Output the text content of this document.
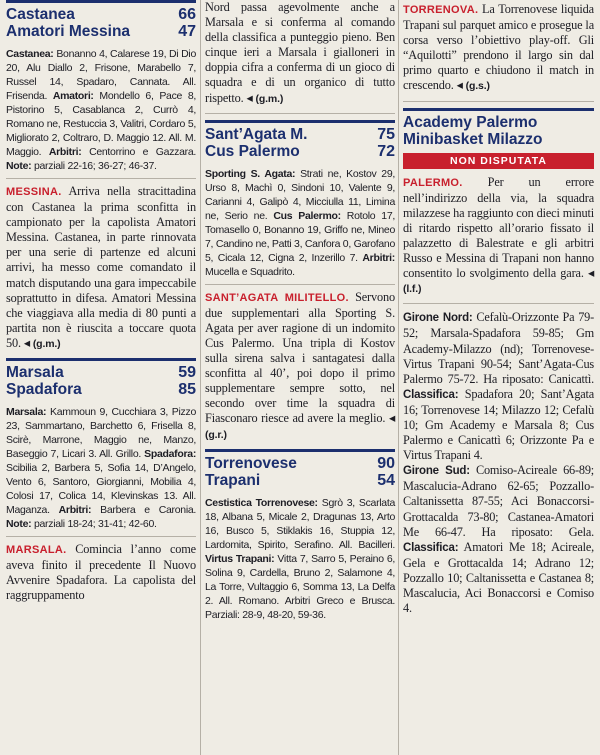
Castanea	66
Amatori Messina	47
Castanea: Bonanno 4, Calarese 19, Di Dio 20, Alu Diallo 2, Frisone, Marabello 7, Russel 14, Spadaro, Cannata. All. Frisenda. Amatori: Mondello 6, Pace 8, Pistorino 5, Casablanca 2, Currò 4, Romano ne, Restuccia 3, Valitri, Cordaro 5, Migliorato 2, Coltraro, D. Maggio 12. All. M. Maggio. Arbitri: Centorrino e Gazzara. Note: parziali 22-16; 36-27; 46-37.
MESSINA. Arriva nella stracittadina con Castanea la prima sconfitta in campionato per la capolista Amatori Messina. Castanea, in parte rinnovata per una serie di partenze ed alcuni arrivi, ha messo come comandato il match disputando una gara impeccabile soprattutto in difesa. Amatori Messina che viaggiava alla media di 80 punti a partita non è riuscita a toccare quota 50. ◂ (g.m.)
Marsala	59
Spadafora	85
Marsala: Kammoun 9, Cucchiara 3, Pizzo 23, Sammartano, Barchetto 6, Frisella 8, Scirè, Marrone, Maggio ne, Manzo, Baseggio 7, Licari 3. All. Grillo. Spadafora: Scibilia 2, Barbera 5, Sofia 14, D’Angelo, Vento 6, Santoro, Giorgianni, Mobilia 4, Colosi 17, Colica 14, Klevinskas 13. All. Maganza. Arbitri: Barbera e Caronia. Note: parziali 18-24; 31-41; 42-60.
MARSALA. Comincia l’anno come aveva finito il precedente Il Nuovo Avvenire Spadafora. La capolista del raggruppamento
Nord passa agevolmente anche a Marsala e si conferma al comando della classifica a punteggio pieno. Ben cinque ieri a Marsala i gialloneri in doppia cifra a conferma di un gioco di squadra e di un organico di tutto rispetto. ◂ (g.m.)
Sant’Agata M.	75
Cus Palermo	72
Sporting S. Agata: Strati ne, Kostov 29, Urso 8, Machì 0, Sindoni 10, Valente 9, Carianni 4, Galipò 4, Micciulla 11, Limina ne, Serio ne. Cus Palermo: Rotolo 17, Tomasello 0, Bonanno 19, Griffo ne, Mineo 7, Candino ne, Patti 3, Canfora 0, Garofano 5, Cicala 12, Cigna 2, Inzerillo 7. Arbitri: Mucella e Squadrito.
SANT’AGATA MILITELLO. Servono due supplementari alla Sporting S. Agata per aver ragione di un indomito Cus Palermo. Una tripla di Kostov sulla sirena salva i santagatesi dalla sconfitta al 40’, poi dopo il primo supplementare sempre sotto, nel secondo over time la squadra di Fiasconaro riesce ad avere la meglio. ◂ (g.r.)
Torrenovese	90
Trapani	54
Cestistica Torrenovese: Sgrò 3, Scarlata 18, Albana 5, Micale 2, Dragunas 13, Arto 16, Busco 5, Stiklakis 16, Stuppia 12, Lardomita, Spirito, Serafino. All. Bacilleri. Virtus Trapani: Vitta 7, Sarro 5, Peraino 6, Solina 9, Cardella, Bruno 2, Salamone 4, La Torre, Vultaggio 6, Somma 13, La Delfa 2. All. Romano. Arbitri Greco e Brusca. Parziali: 28-9, 48-20, 59-36.
TORRENOVA. La Torrenovese liquida Trapani sul parquet amico e prosegue la corsa verso l’obiettivo play-off. Gli “Aquilotti” prendono il largo sin dal primo quarto e chiudono il match in crescendo. ◂ (g.s.)
Academy Palermo
Minibasket Milazzo
NON DISPUTATA
PALERMO. Per un errore nell’indirizzo della via, la squadra milazzese ha raggiunto con dieci minuti di ritardo rispetto all’orario fissato il palazzetto di Balestrate e gli arbitri Russo e Messina di Trapani non hanno consentito lo svolgimento della gara. ◂ (l.f.)
Girone Nord: Cefalù-Orizzonte Pa 79-52; Marsala-Spadafora 59-85; Gm Academy-Milazzo (nd); Torrenovese-Virtus Trapani 90-54; Sant’Agata-Cus Palermo 75-72. Ha riposato: Canicattì. Classifica: Spadafora 20; Sant’Agata 16; Torrenovese 14; Milazzo 12; Cefalù 10; Gm Academy e Marsala 8; Cus Palermo e Canicattì 6; Orizzonte Pa e Virtus Trapani 4.
Girone Sud: Comiso-Acireale 66-89; Mascalucia-Adrano 62-65; Pozzallo-Caltanissetta 87-55; Aci Bonaccorsi-Grottacalda 73-80; Castanea-Amatori Me 66-47. Ha riposato: Gela. Classifica: Amatori Me 18; Acireale, Gela e Grottacalda 14; Adrano 12; Pozzallo 10; Caltanissetta e Castanea 8; Mascalucia, Aci Bonaccorsi e Comiso 4.
